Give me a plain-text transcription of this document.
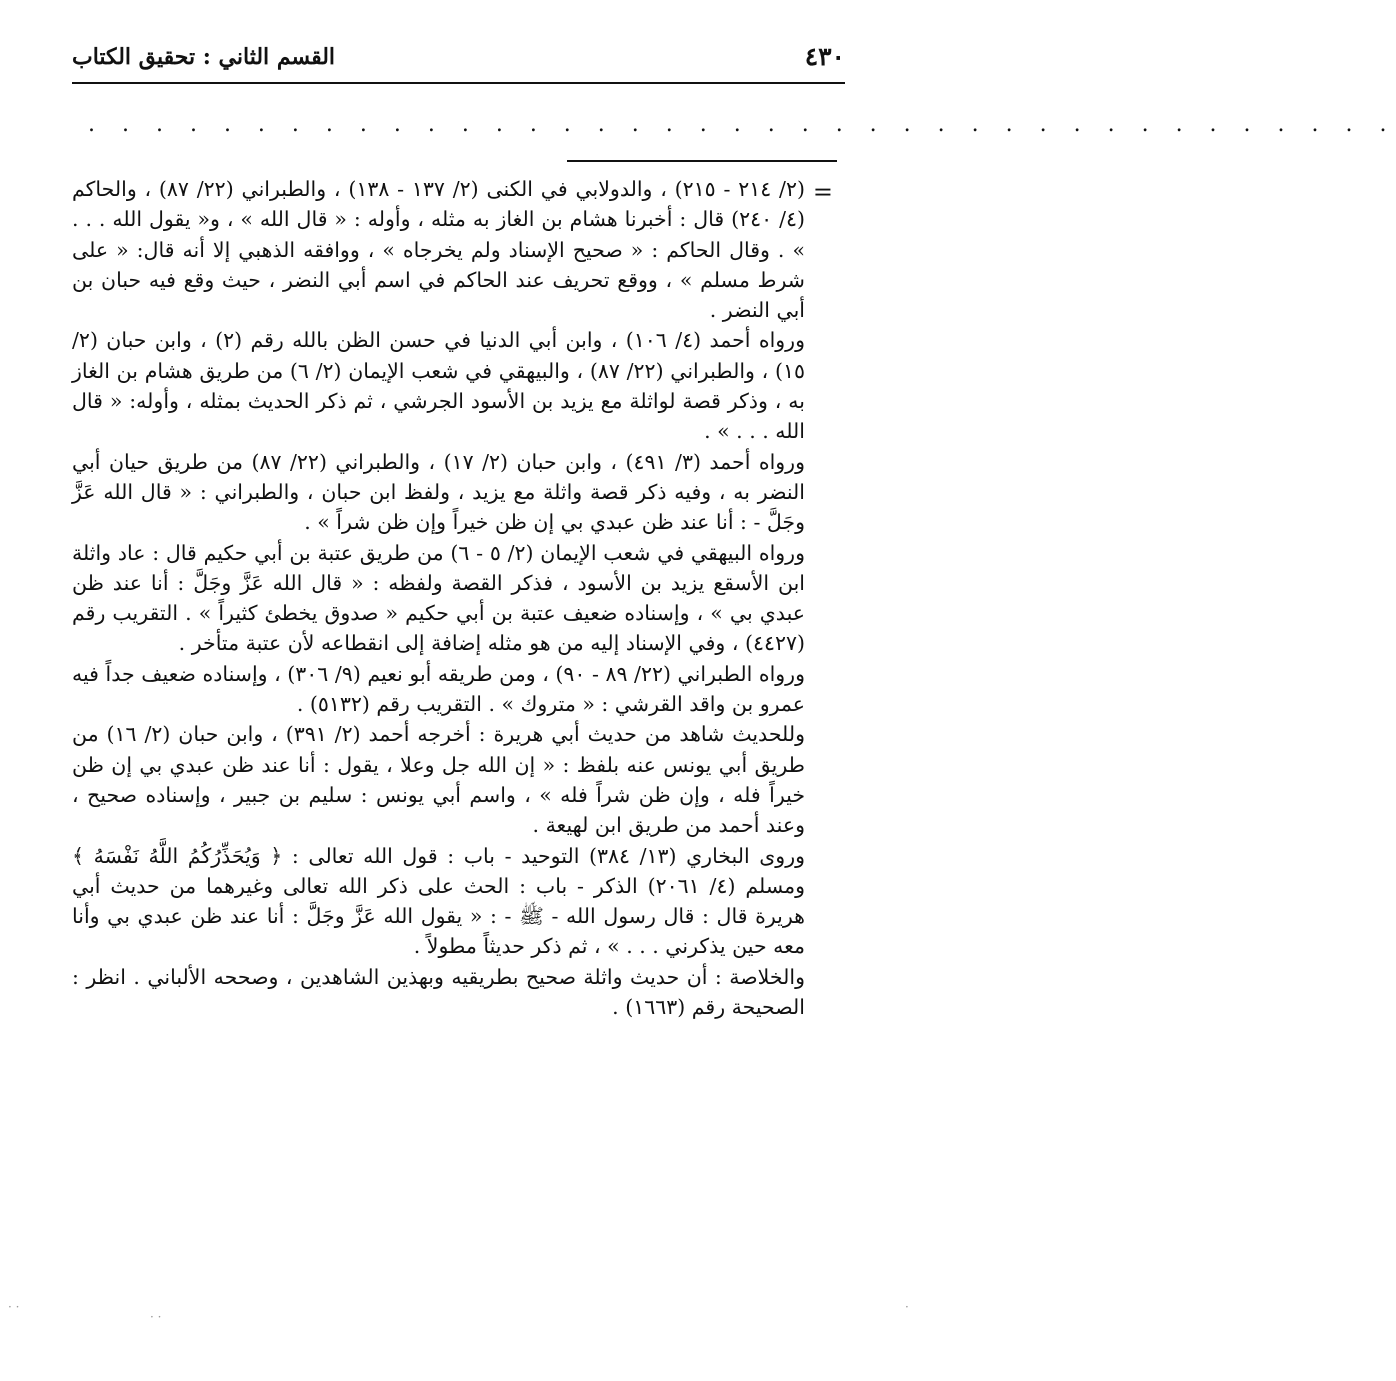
٤٣٠
القسم الثاني : تحقيق الكتاب
. . . . . . . . . . . . . . . . . . . . . . . . . . . . . . . . . . . . . . .
=

(٢/ ٢١٤ - ٢١٥) ، والدولابي في الكنى (٢/ ١٣٧ - ١٣٨) ، والطبراني (٢٢/ ٨٧) ، والحاكم (٤/ ٢٤٠) قال : أخبرنا هشام بن الغاز به مثله ، وأوله : « قال الله » ، و« يقول الله . . . » . وقال الحاكم : « صحيح الإسناد ولم يخرجاه » ، ووافقه الذهبي إلا أنه قال: « على شرط مسلم » ، ووقع تحريف عند الحاكم في اسم أبي النضر ، حيث وقع فيه حبان بن أبي النضر .

ورواه أحمد (٤/ ١٠٦) ، وابن أبي الدنيا في حسن الظن بالله رقم (٢) ، وابن حبان (٢/ ١٥) ، والطبراني (٢٢/ ٨٧) ، والبيهقي في شعب الإيمان (٢/ ٦) من طريق هشام بن الغاز به ، وذكر قصة لواثلة مع يزيد بن الأسود الجرشي ، ثم ذكر الحديث بمثله ، وأوله: « قال الله . . . » .

ورواه أحمد (٣/ ٤٩١) ، وابن حبان (٢/ ١٧) ، والطبراني (٢٢/ ٨٧) من طريق حيان أبي النضر به ، وفيه ذكر قصة واثلة مع يزيد ، ولفظ ابن حبان ، والطبراني : « قال الله عَزَّ وجَلَّ - : أنا عند ظن عبدي بي إن ظن خيراً وإن ظن شراً » .

ورواه البيهقي في شعب الإيمان (٢/ ٥ - ٦) من طريق عتبة بن أبي حكيم قال : عاد واثلة ابن الأسقع يزيد بن الأسود ، فذكر القصة ولفظه : « قال الله عَزَّ وجَلَّ : أنا عند ظن عبدي بي » ، وإسناده ضعيف عتبة بن أبي حكيم « صدوق يخطئ كثيراً » . التقريب رقم (٤٤٢٧) ، وفي الإسناد إليه من هو مثله إضافة إلى انقطاعه لأن عتبة متأخر .

ورواه الطبراني (٢٢/ ٨٩ - ٩٠) ، ومن طريقه أبو نعيم (٩/ ٣٠٦) ، وإسناده ضعيف جداً فيه عمرو بن واقد القرشي : « متروك » . التقريب رقم (٥١٣٢) .

وللحديث شاهد من حديث أبي هريرة : أخرجه أحمد (٢/ ٣٩١) ، وابن حبان (٢/ ١٦) من طريق أبي يونس عنه بلفظ : « إن الله جل وعلا ، يقول : أنا عند ظن عبدي بي إن ظن خيراً فله ، وإن ظن شراً فله » ، واسم أبي يونس : سليم بن جبير ، وإسناده صحيح ، وعند أحمد من طريق ابن لهيعة .

وروى البخاري (١٣/ ٣٨٤) التوحيد - باب : قول الله تعالى : ﴿ وَيُحَذِّرُكُمُ اللَّهُ نَفْسَهُ ﴾ ومسلم (٤/ ٢٠٦١) الذكر - باب : الحث على ذكر الله تعالى وغيرهما من حديث أبي هريرة قال : قال رسول الله - ﷺ - : « يقول الله عَزَّ وجَلَّ : أنا عند ظن عبدي بي وأنا معه حين يذكرني . . . » ، ثم ذكر حديثاً مطولاً .

والخلاصة : أن حديث واثلة صحيح بطريقيه وبهذين الشاهدين ، وصححه الألباني . انظر : الصحيحة رقم (١٦٦٣) .

· ·
· ·
·
